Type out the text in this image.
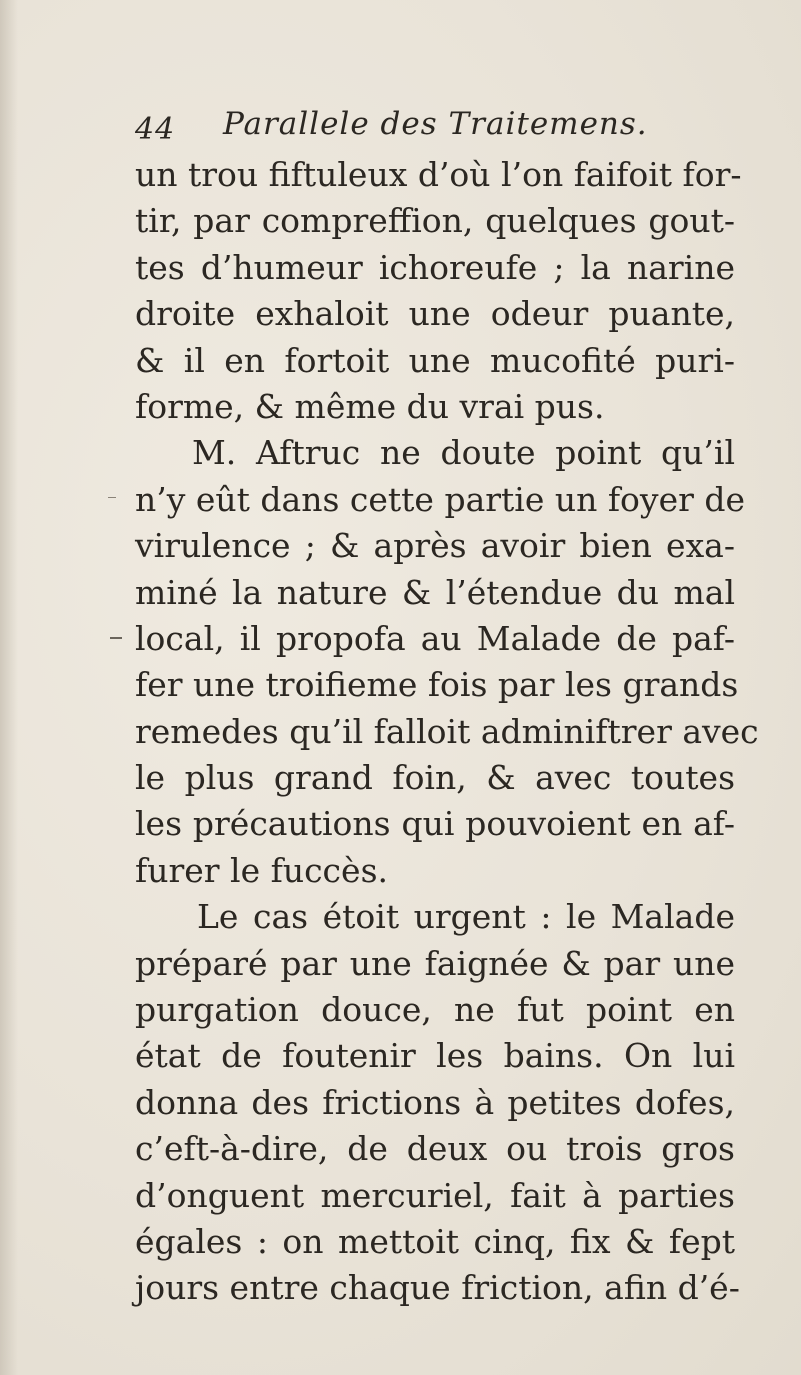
44 Parallele des Traitemens.
un trou fiftuleux d’où l’on faifoit for-
tir, par compreffion, quelques gout-
tes d’humeur ichoreufe ; la narine
droite exhaloit une odeur puante,
& il en fortoit une mucofité puri-
forme, & même du vrai pus.
M. Aftruc ne doute point qu’il
n’y eût dans cette partie un foyer de
virulence ; & après avoir bien exa-
miné la nature & l’étendue du mal
local, il propofa au Malade de paf-
fer une troifieme fois par les grands
remedes qu’il falloit adminiftrer avec
le plus grand foin, & avec toutes
les précautions qui pouvoient en af-
furer le fuccès.
Le cas étoit urgent : le Malade
préparé par une faignée & par une
purgation douce, ne fut point en
état de foutenir les bains. On lui
donna des frictions à petites dofes,
c’eft-à-dire, de deux ou trois gros
d’onguent mercuriel, fait à parties
égales : on mettoit cinq, fix & fept
jours entre chaque friction, afin d’é-
